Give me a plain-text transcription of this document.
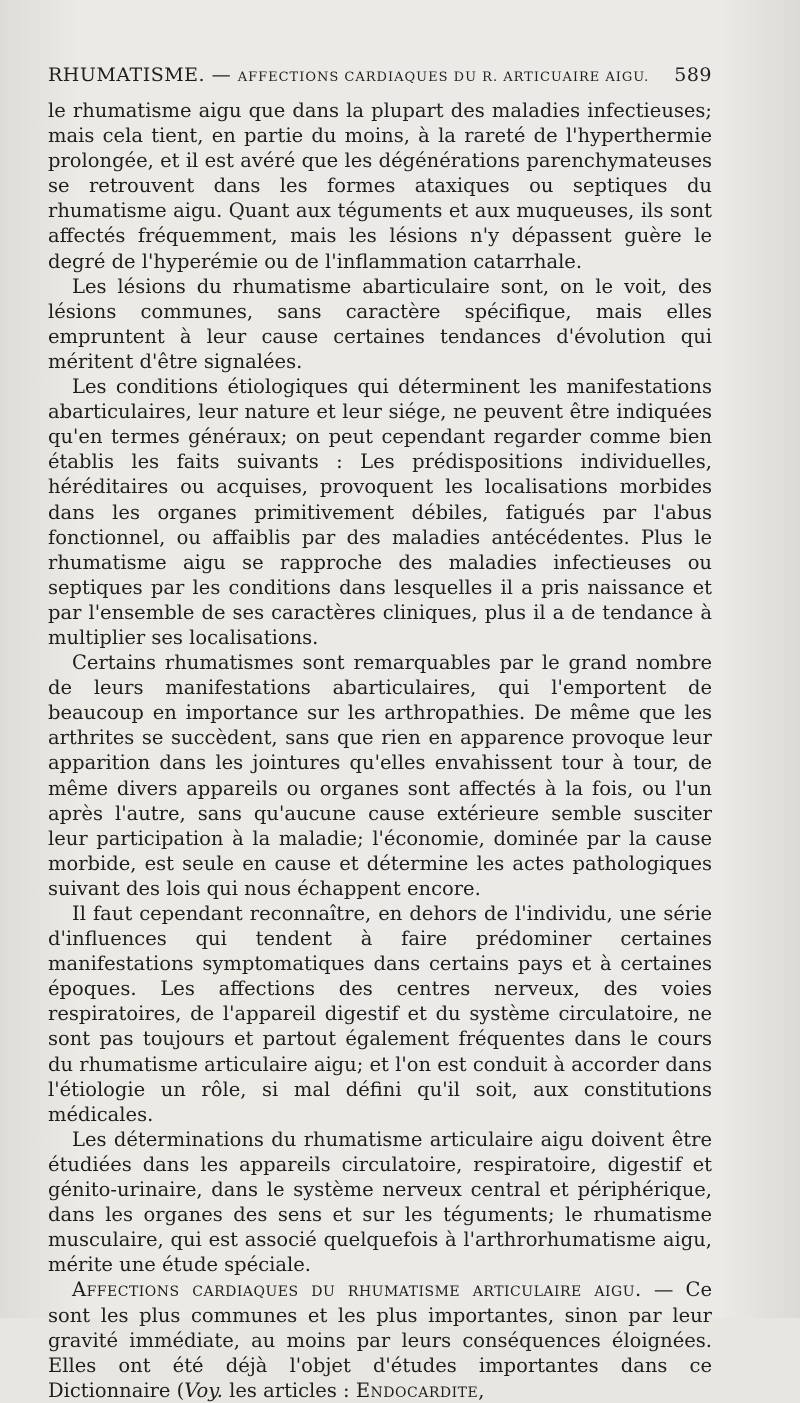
RHUMATISME. — AFFECTIONS CARDIAQUES DU R. ARTICUAIRE AIGU. 589

le rhumatisme aigu que dans la plupart des maladies infectieuses; mais cela tient, en partie du moins, à la rareté de l'hyperthermie prolongée, et il est avéré que les dégénérations parenchymateuses se retrouvent dans les formes ataxiques ou septiques du rhumatisme aigu. Quant aux téguments et aux muqueuses, ils sont affectés fréquemment, mais les lésions n'y dépassent guère le degré de l'hyperémie ou de l'inflammation catarrhale.

Les lésions du rhumatisme abarticulaire sont, on le voit, des lésions communes, sans caractère spécifique, mais elles empruntent à leur cause certaines tendances d'évolution qui méritent d'être signalées.

Les conditions étiologiques qui déterminent les manifestations abarticulaires, leur nature et leur siége, ne peuvent être indiquées qu'en termes généraux; on peut cependant regarder comme bien établis les faits suivants : Les prédispositions individuelles, héréditaires ou acquises, provoquent les localisations morbides dans les organes primitivement débiles, fatigués par l'abus fonctionnel, ou affaiblis par des maladies antécédentes. Plus le rhumatisme aigu se rapproche des maladies infectieuses ou septiques par les conditions dans lesquelles il a pris naissance et par l'ensemble de ses caractères cliniques, plus il a de tendance à multiplier ses localisations.

Certains rhumatismes sont remarquables par le grand nombre de leurs manifestations abarticulaires, qui l'emportent de beaucoup en importance sur les arthropathies. De même que les arthrites se succèdent, sans que rien en apparence provoque leur apparition dans les jointures qu'elles envahissent tour à tour, de même divers appareils ou organes sont affectés à la fois, ou l'un après l'autre, sans qu'aucune cause extérieure semble susciter leur participation à la maladie; l'économie, dominée par la cause morbide, est seule en cause et détermine les actes pathologiques suivant des lois qui nous échappent encore.

Il faut cependant reconnaître, en dehors de l'individu, une série d'influences qui tendent à faire prédominer certaines manifestations symptomatiques dans certains pays et à certaines époques. Les affections des centres nerveux, des voies respiratoires, de l'appareil digestif et du système circulatoire, ne sont pas toujours et partout également fréquentes dans le cours du rhumatisme articulaire aigu; et l'on est conduit à accorder dans l'étiologie un rôle, si mal défini qu'il soit, aux constitutions médicales.

Les déterminations du rhumatisme articulaire aigu doivent être étudiées dans les appareils circulatoire, respiratoire, digestif et génito-urinaire, dans le système nerveux central et périphérique, dans les organes des sens et sur les téguments; le rhumatisme musculaire, qui est associé quelquefois à l'arthrorhumatisme aigu, mérite une étude spéciale.

Affections cardiaques du rhumatisme articulaire aigu. — Ce sont les plus communes et les plus importantes, sinon par leur gravité immédiate, au moins par leurs conséquences éloignées. Elles ont été déjà l'objet d'études importantes dans ce Dictionnaire (Voy. les articles : Endocardite,
